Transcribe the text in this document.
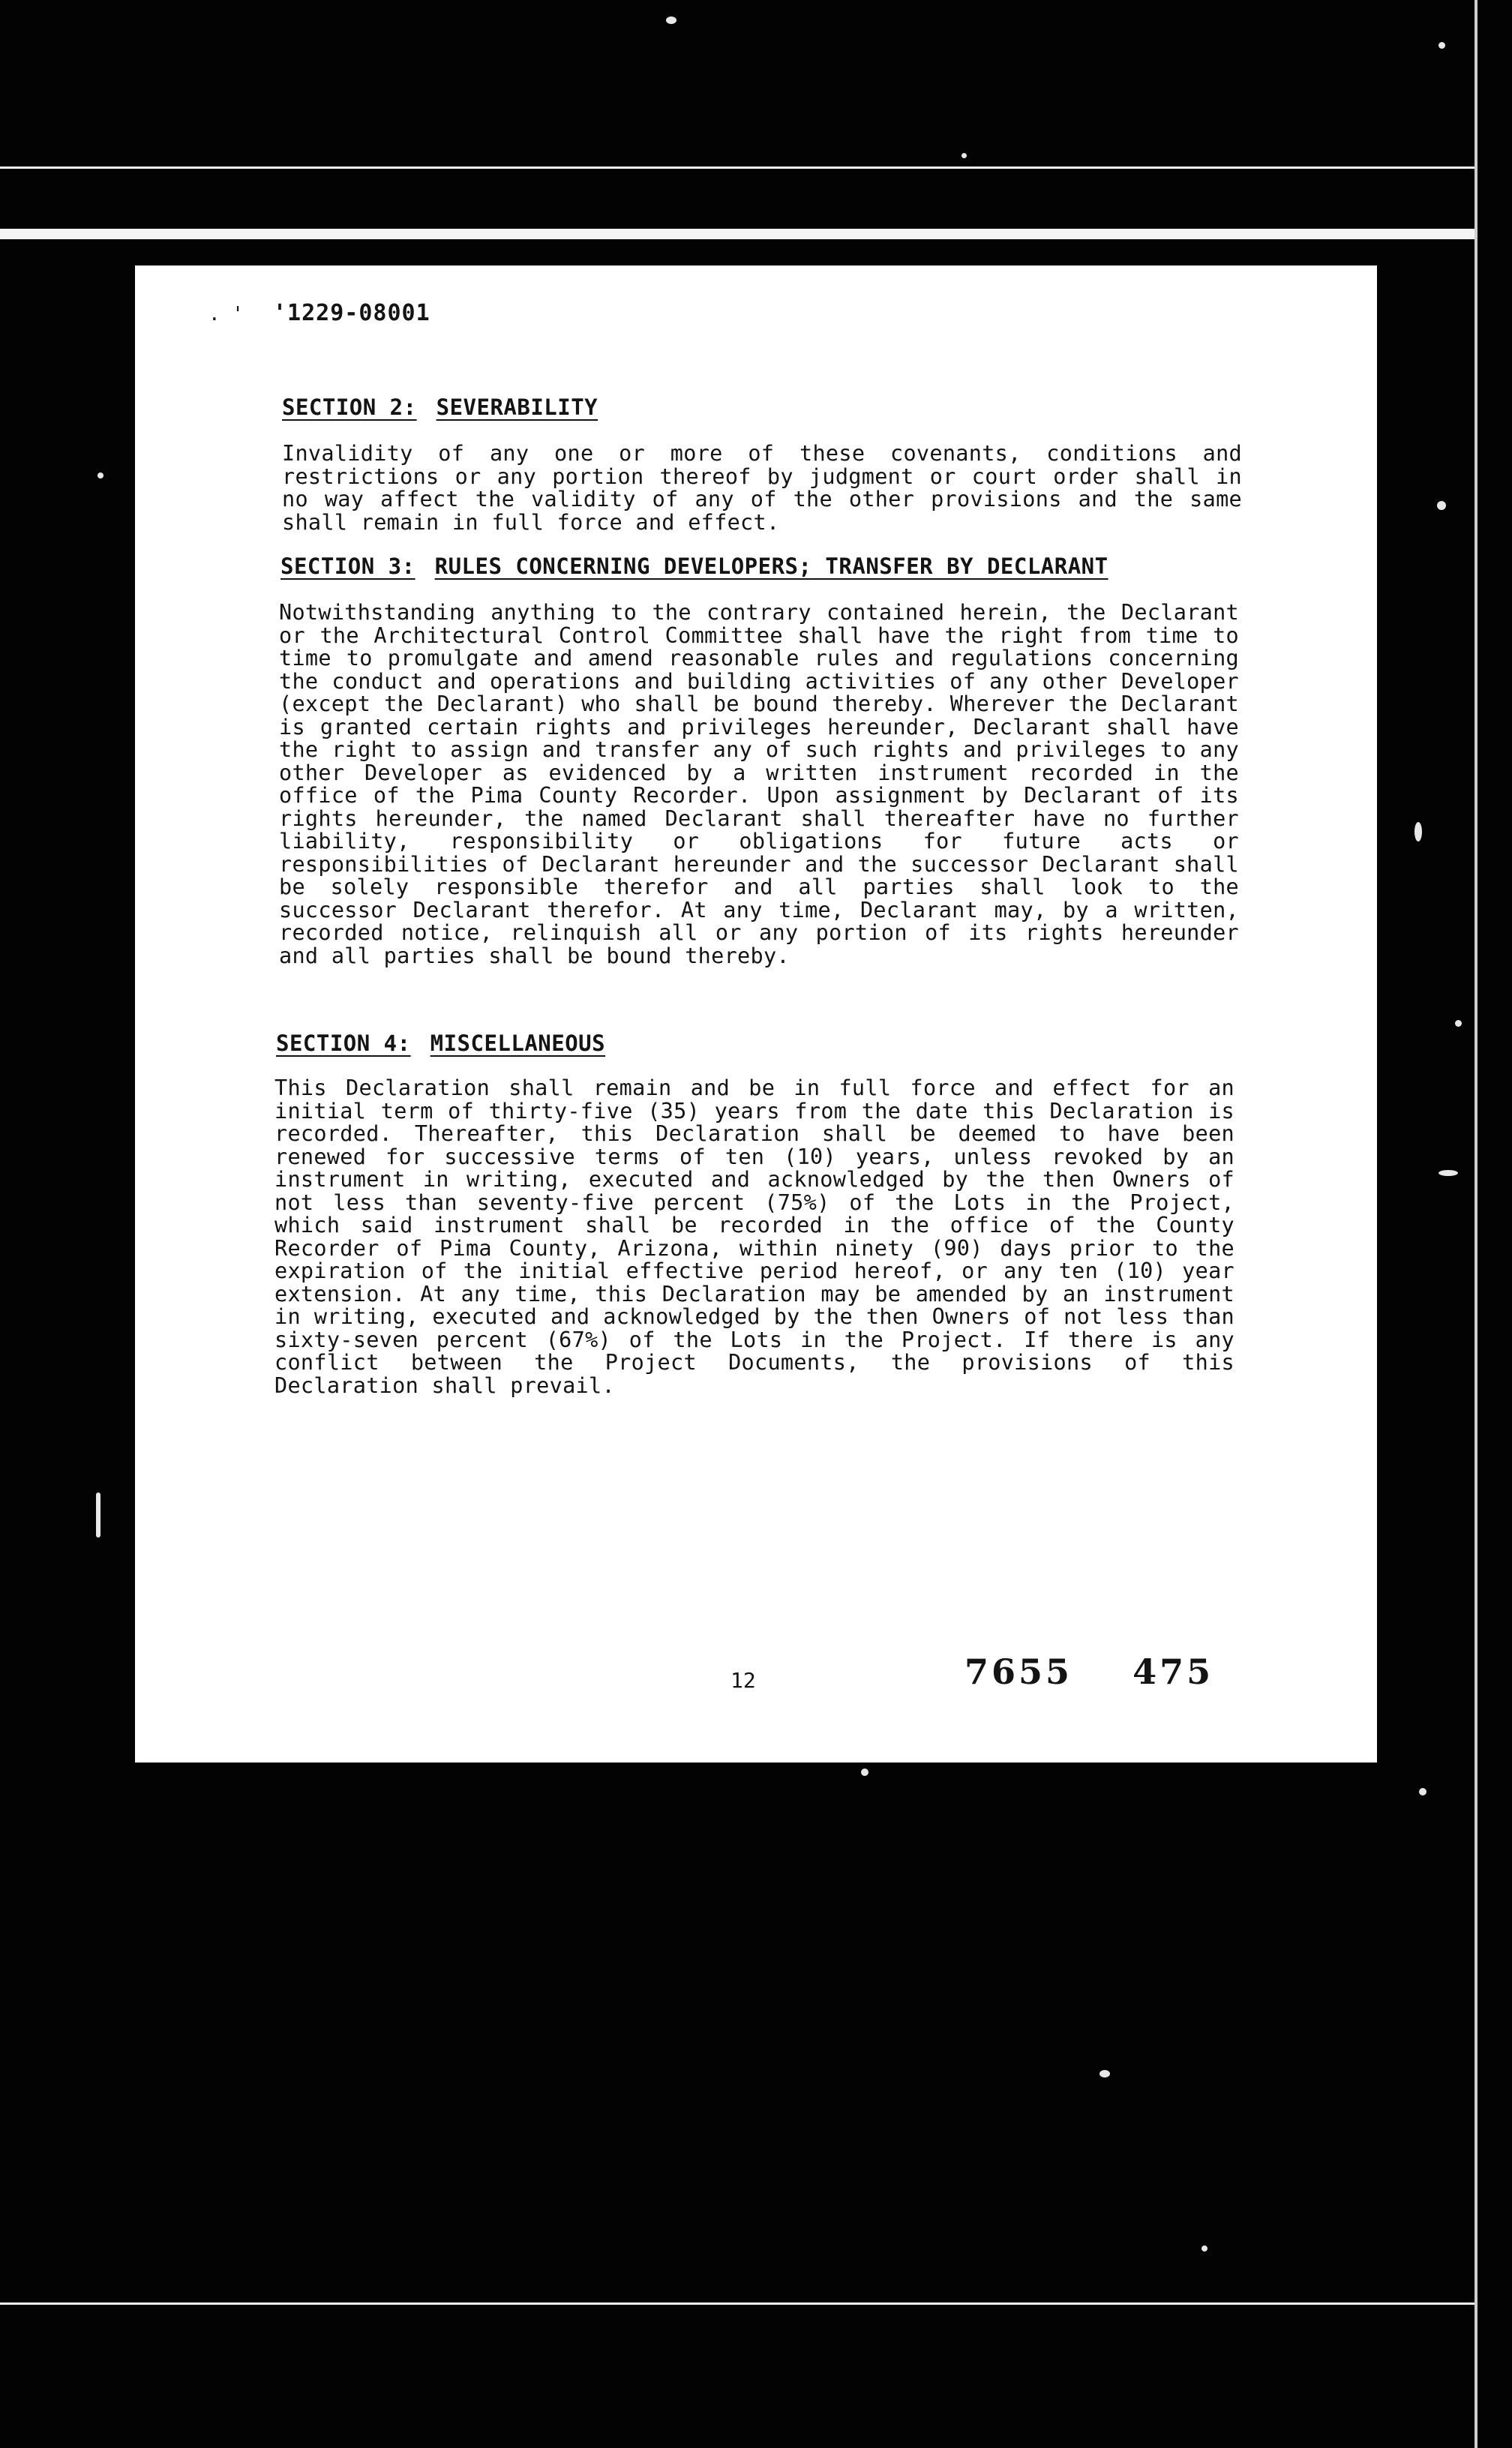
. ' '1229-08001
SECTION 2: SEVERABILITY
Invalidity of any one or more of these covenants, conditions and restrictions or any portion thereof by judgment or court order shall in no way affect the validity of any of the other provisions and the same shall remain in full force and effect.
SECTION 3: RULES CONCERNING DEVELOPERS; TRANSFER BY DECLARANT
Notwithstanding anything to the contrary contained herein, the Declarant or the Architectural Control Committee shall have the right from time to time to promulgate and amend reasonable rules and regulations concerning the conduct and operations and building activities of any other Developer (except the Declarant) who shall be bound thereby. Wherever the Declarant is granted certain rights and privileges hereunder, Declarant shall have the right to assign and transfer any of such rights and privileges to any other Developer as evidenced by a written instrument recorded in the office of the Pima County Recorder. Upon assignment by Declarant of its rights hereunder, the named Declarant shall thereafter have no further liability, responsibility or obligations for future acts or responsibilities of Declarant hereunder and the successor Declarant shall be solely responsible therefor and all parties shall look to the successor Declarant therefor. At any time, Declarant may, by a written, recorded notice, relinquish all or any portion of its rights hereunder and all parties shall be bound thereby.
SECTION 4: MISCELLANEOUS
This Declaration shall remain and be in full force and effect for an initial term of thirty-five (35) years from the date this Declaration is recorded. Thereafter, this Declaration shall be deemed to have been renewed for successive terms of ten (10) years, unless revoked by an instrument in writing, executed and acknowledged by the then Owners of not less than seventy-five percent (75%) of the Lots in the Project, which said instrument shall be recorded in the office of the County Recorder of Pima County, Arizona, within ninety (90) days prior to the expiration of the initial effective period hereof, or any ten (10) year extension. At any time, this Declaration may be amended by an instrument in writing, executed and acknowledged by the then Owners of not less than sixty-seven percent (67%) of the Lots in the Project. If there is any conflict between the Project Documents, the provisions of this Declaration shall prevail.
12	7655    475
